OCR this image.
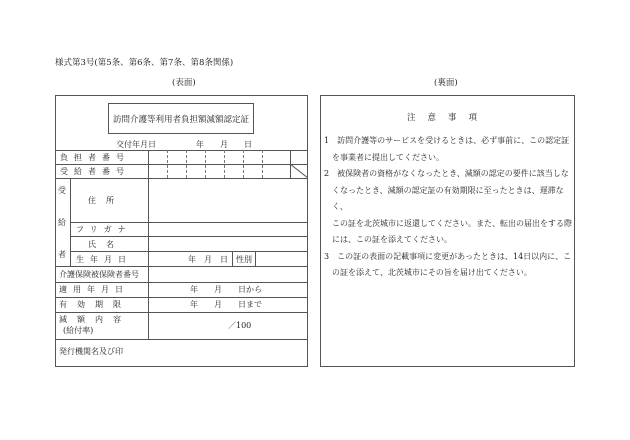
様式第3号(第5条、第6条、第7条、第8条関係)
(表面)	(裏面)
訪問介護等利用者負担額減額認定証
交付年月日	年　　月　　日
負担者番号
受給者番号
受
給
者
住所
フリガナ
氏名
生年月日	年　月　日 性別
介護保険被保険者番号
適用年月日	年　　月　　日から
有効期限	年　　月　　日まで
減額内容
(給付率)
／100
発行機関名及び印
注意事項
1　訪問介護等のサービスを受けるときは、必ず事前に、この認定証
を事業者に提出してください。
2　被保険者の資格がなくなったとき、減額の認定の要件に該当しな
くなったとき、減額の認定証の有効期限に至ったときは、遅滞なく、
この証を北茨城市に返還してください。また、転出の届出をする際
には、この証を添えてください。
3　この証の表面の記載事項に変更があったときは、14日以内に、こ
の証を添えて、北茨城市にその旨を届け出てください。
